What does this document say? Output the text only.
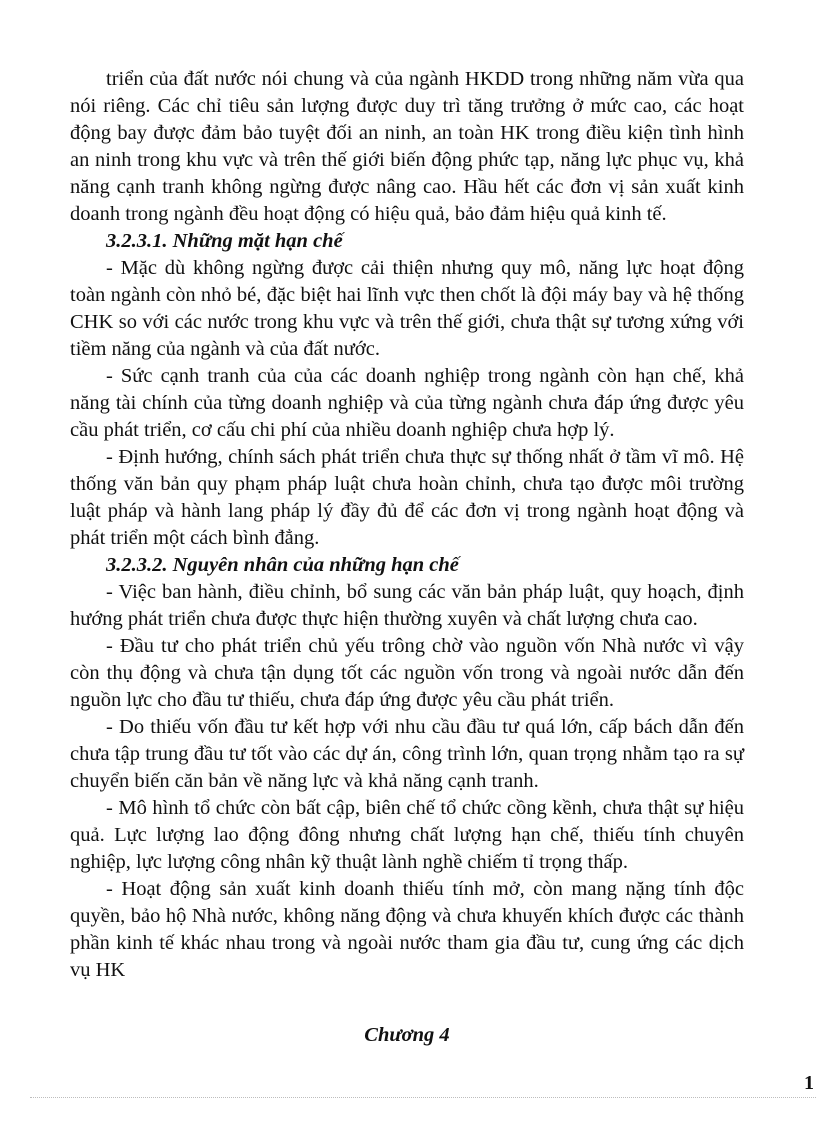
triển của đất nước nói chung và của ngành HKDD trong những năm vừa qua nói riêng. Các chỉ tiêu sản lượng được duy trì tăng trưởng ở mức cao, các hoạt động bay được đảm bảo tuyệt đối an ninh, an toàn HK trong điều kiện tình hình an ninh trong khu vực và trên thế giới biến động phức tạp, năng lực phục vụ, khả năng cạnh tranh không ngừng được nâng cao. Hầu hết các đơn vị sản xuất kinh doanh trong ngành đều hoạt động có hiệu quả, bảo đảm hiệu quả kinh tế.

3.2.3.1. Những mặt hạn chế

- Mặc dù không ngừng được cải thiện nhưng quy mô, năng lực hoạt động toàn ngành còn nhỏ bé, đặc biệt hai lĩnh vực then chốt là đội máy bay và hệ thống CHK so với các nước trong khu vực và trên thế giới, chưa thật sự tương xứng với tiềm năng của ngành và của đất nước.

- Sức cạnh tranh của của các doanh nghiệp trong ngành còn hạn chế, khả năng tài chính của từng doanh nghiệp và của từng ngành chưa đáp ứng được yêu cầu phát triển, cơ cấu chi phí của nhiều doanh nghiệp chưa hợp lý.

- Định hướng, chính sách phát triển chưa thực sự thống nhất ở tầm vĩ mô. Hệ thống văn bản quy phạm pháp luật chưa hoàn chỉnh, chưa tạo được môi trường luật pháp và hành lang pháp lý đầy đủ để các đơn vị trong ngành hoạt động và phát triển một cách bình đẳng.

3.2.3.2. Nguyên nhân của những hạn chế

- Việc ban hành, điều chỉnh, bổ sung các văn bản pháp luật, quy hoạch, định hướng phát triển chưa được thực hiện thường xuyên và chất lượng chưa cao.

- Đầu tư cho phát triển chủ yếu trông chờ vào nguồn vốn Nhà nước vì vậy còn thụ động và chưa tận dụng tốt các nguồn vốn trong và ngoài nước dẫn đến nguồn lực cho đầu tư thiếu, chưa đáp ứng được yêu cầu phát triển.

- Do thiếu vốn đầu tư kết hợp với nhu cầu đầu tư quá lớn, cấp bách dẫn đến chưa tập trung đầu tư tốt vào các dự án, công trình lớn, quan trọng nhằm tạo ra sự chuyển biến căn bản về năng lực và khả năng cạnh tranh.

- Mô hình tổ chức còn bất cập, biên chế tổ chức cồng kềnh, chưa thật sự hiệu quả. Lực lượng lao động đông nhưng chất lượng hạn chế, thiếu tính chuyên nghiệp, lực lượng công nhân kỹ thuật lành nghề chiếm tỉ trọng thấp.

- Hoạt động sản xuất kinh doanh thiếu tính mở, còn mang nặng tính độc quyền, bảo hộ Nhà nước, không năng động và chưa khuyến khích được các thành phần kinh tế khác nhau trong và ngoài nước tham gia đầu tư, cung ứng các dịch vụ HK

Chương 4
1
